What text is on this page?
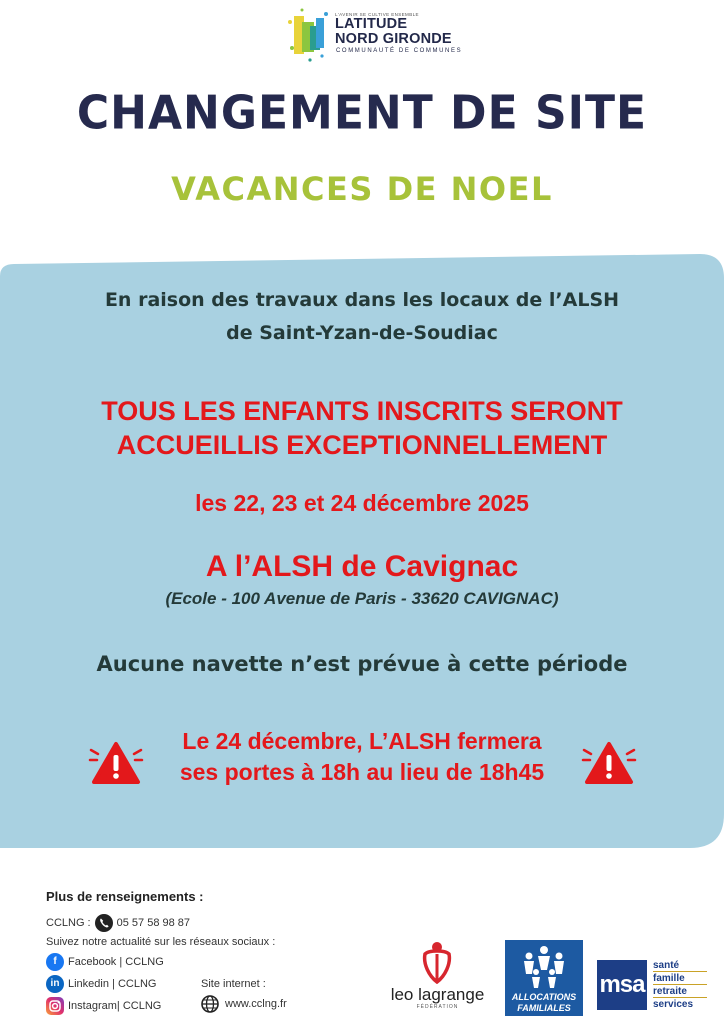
L'AVENIR SE CULTIVE ENSEMBLE
LATITUDE
NORD GIRONDE
COMMUNAUTÉ DE COMMUNES
CHANGEMENT DE SITE
VACANCES DE NOEL
En raison des travaux dans les locaux de l’ALSH
de Saint-Yzan-de-Soudiac
TOUS LES ENFANTS INSCRITS SERONT
ACCUEILLIS EXCEPTIONNELLEMENT
les 22, 23 et 24 décembre 2025
A l’ALSH de Cavignac
(Ecole - 100 Avenue de Paris - 33620 CAVIGNAC)
Aucune navette n’est prévue à cette période
Le 24 décembre, L’ALSH fermera
ses portes à 18h au lieu de 18h45
Plus de renseignements :
CCLNG : 05 57 58 98 87
Suivez notre actualité sur les réseaux sociaux :
f	Facebook | CCLNG
in Linkedin | CCLNG
Instagram| CCLNG
Site internet :
www.cclng.fr	leo lagrange
FÉDÉRATION
ALLOCATIONS
FAMILIALES
msa
santé
famille
retraite
services
